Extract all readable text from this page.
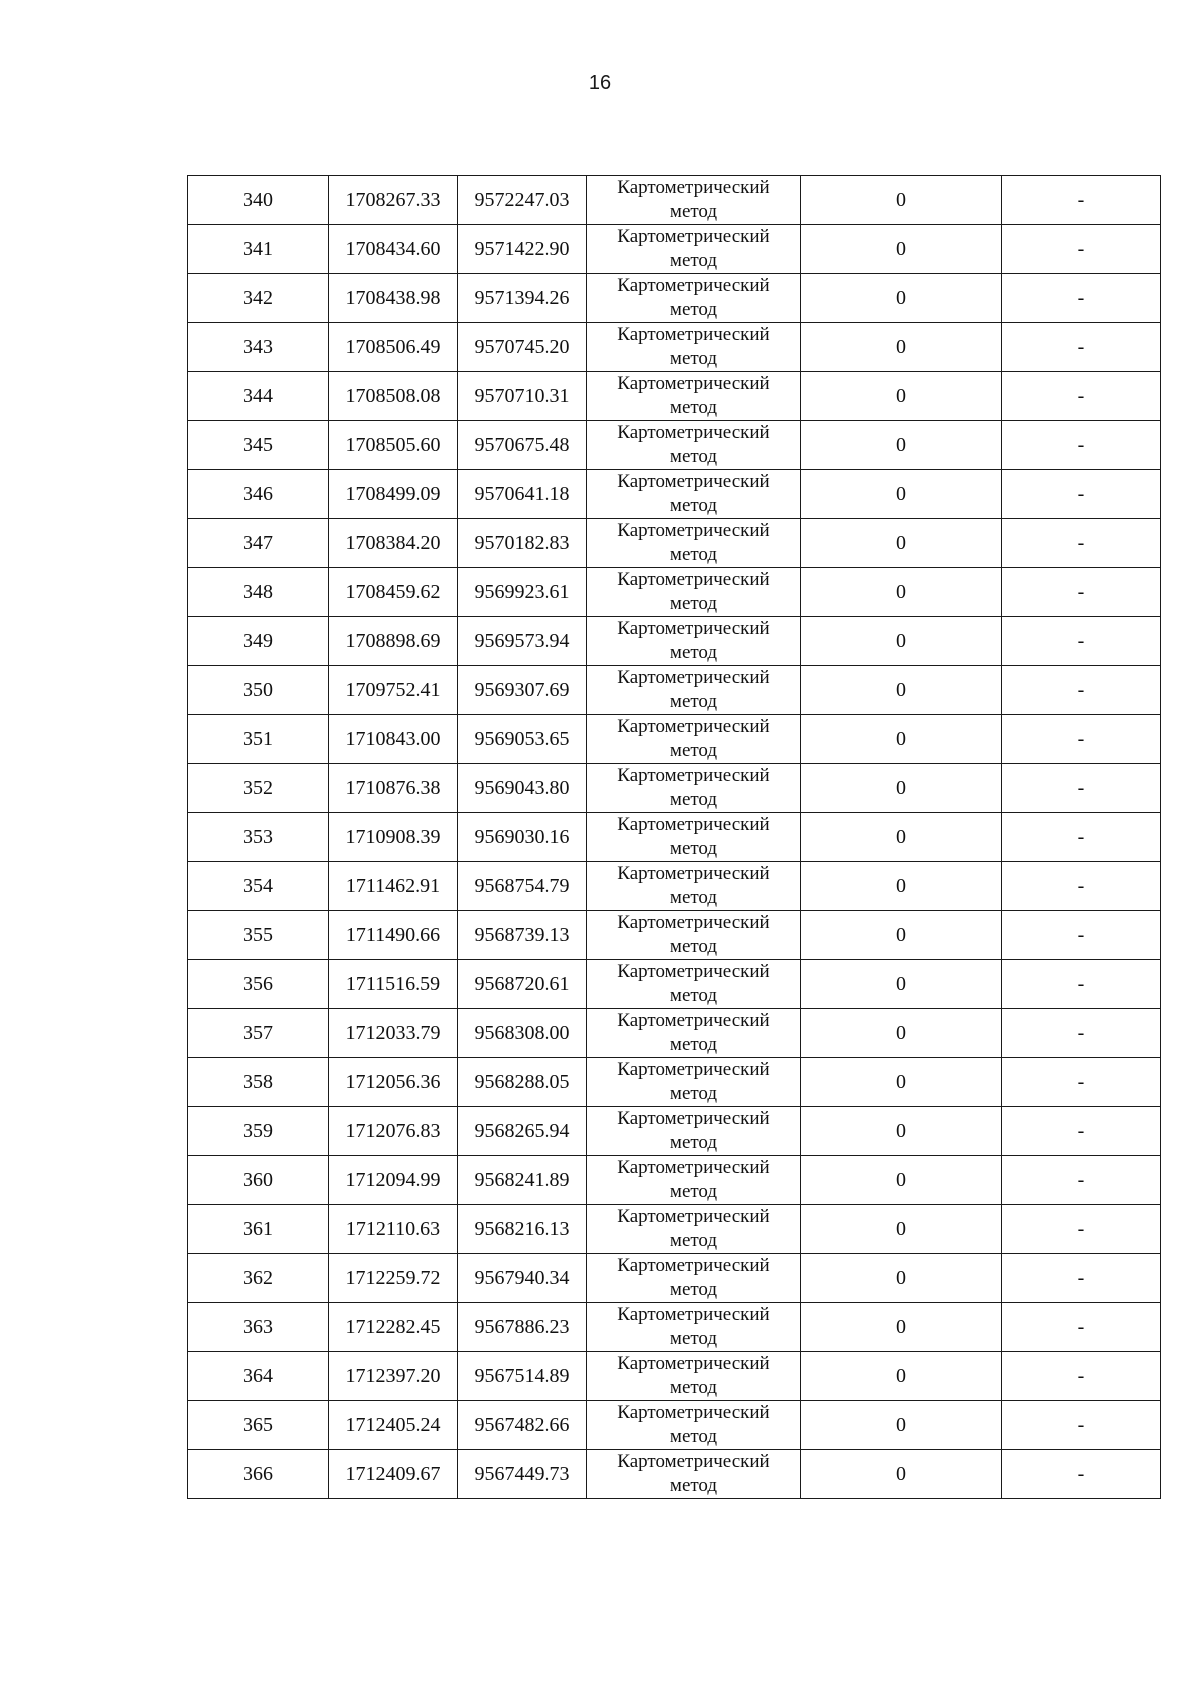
16
340	1708267.33	9572247.03	Картометрический
метод	0	-
341	1708434.60	9571422.90	Картометрический
метод	0	-
342	1708438.98	9571394.26	Картометрический
метод	0	-
343	1708506.49	9570745.20	Картометрический
метод	0	-
344	1708508.08	9570710.31	Картометрический
метод	0	-
345	1708505.60	9570675.48	Картометрический
метод	0	-
346	1708499.09	9570641.18	Картометрический
метод	0	-
347	1708384.20	9570182.83	Картометрический
метод	0	-
348	1708459.62	9569923.61	Картометрический
метод	0	-
349	1708898.69	9569573.94	Картометрический
метод	0	-
350	1709752.41	9569307.69	Картометрический
метод	0	-
351	1710843.00	9569053.65	Картометрический
метод	0	-
352	1710876.38	9569043.80	Картометрический
метод	0	-
353	1710908.39	9569030.16	Картометрический
метод	0	-
354	1711462.91	9568754.79	Картометрический
метод	0	-
355	1711490.66	9568739.13	Картометрический
метод	0	-
356	1711516.59	9568720.61	Картометрический
метод	0	-
357	1712033.79	9568308.00	Картометрический
метод	0	-
358	1712056.36	9568288.05	Картометрический
метод	0	-
359	1712076.83	9568265.94	Картометрический
метод	0	-
360	1712094.99	9568241.89	Картометрический
метод	0	-
361	1712110.63	9568216.13	Картометрический
метод	0	-
362	1712259.72	9567940.34	Картометрический
метод	0	-
363	1712282.45	9567886.23	Картометрический
метод	0	-
364	1712397.20	9567514.89	Картометрический
метод	0	-
365	1712405.24	9567482.66	Картометрический
метод	0	-
366	1712409.67	9567449.73	Картометрический
метод	0	-
